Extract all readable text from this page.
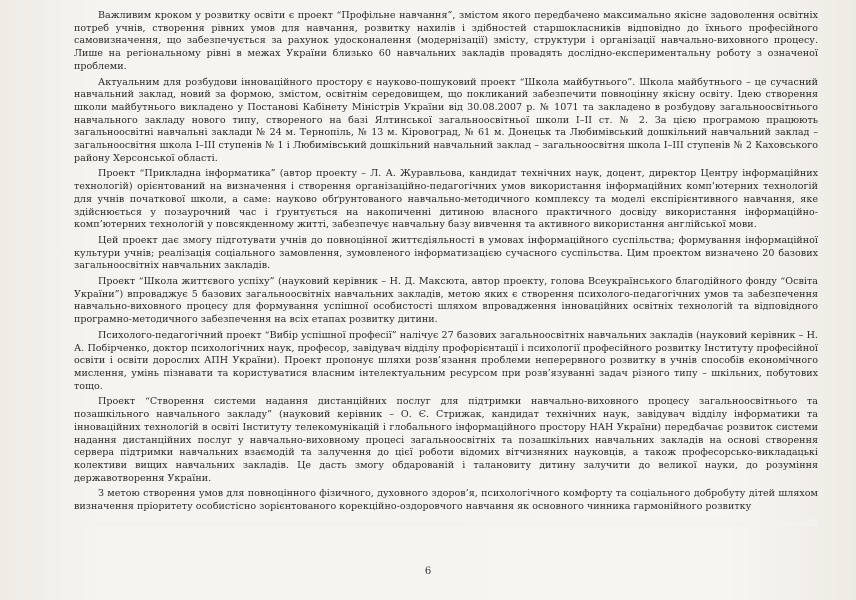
Важливим кроком у розвитку освіти є проект “Профільне навчання”, змістом якого передбачено максимально якісне задоволення освітніх потреб учнів, створення рівних умов для навчання, розвитку нахилів і здібностей старшокласників відповідно до їхнього професійного самовизначення, що забезпечується за рахунок удосконалення (модернізації) змісту, структури і організації навчально-виховного процесу. Лише на регіональному рівні в межах України близько 60 навчальних закладів провадять дослідно-експериментальну роботу з означеної проблеми.

Актуальним для розбудови інноваційного простору є науково-пошуковий проект “Школа майбутнього”. Школа майбутнього – це сучасний навчальний заклад, новий за формою, змістом, освітнім середовищем, що покликаний забезпечити повноцінну якісну освіту. Ідею створення школи майбутнього викладено у Постанові Кабінету Міністрів України від 30.08.2007 р. № 1071 та закладено в розбудову загальноосвітнього навчального закладу нового типу, створеного на базі Ялтинської загальноосвітньої школи І–ІІ ст. № 2. За цією програмою працюють загальноосвітні навчальні заклади № 24 м. Тернопіль, № 13 м. Кіровоград, № 61 м. Донецьк та Любимівський дошкільний навчальний заклад – загальноосвітня школа І–ІІІ ступенів № 1 і Любимівський дошкільний навчальний заклад – загальноосвітня школа І–ІІІ ступенів № 2 Каховського району Херсонської області.

Проект “Прикладна інформатика” (автор проекту – Л. А. Журавльова, кандидат технічних наук, доцент, директор Центру інформаційних технологій) орієнтований на визначення і створення організаційно-педагогічних умов використання інформаційних комп’ютерних технологій для учнів початкової школи, а саме: науково обґрунтованого навчально-методичного комплексу та моделі експірієнтивного навчання, яке здійснюється у позаурочний час і ґрунтується на накопиченні дитиною власного практичного досвіду використання інформаційно-комп’ютерних технологій у повсякденному житті, забезпечує навчальну базу вивчення та активного використання англійської мови.

Цей проект дає змогу підготувати учнів до повноцінної життєдіяльності в умовах інформаційного суспільства; формування інформаційної культури учнів; реалізація соціального замовлення, зумовленого інформатизацією сучасного суспільства. Цим проектом визначено 20 базових загальноосвітніх навчальних закладів.

Проект “Школа життєвого успіху” (науковий керівник – Н. Д. Максюта, автор проекту, голова Всеукраїнського благодійного фонду “Освіта України”) впроваджує 5 базових загальноосвітніх навчальних закладів, метою яких є створення психолого-педагогічних умов та забезпечення навчально-виховного процесу для формування успішної особистості шляхом впровадження інноваційних освітніх технологій та відповідного програмно-методичного забезпечення на всіх етапах розвитку дитини.

Психолого-педагогічний проект “Вибір успішної професії” налічує 27 базових загальноосвітніх навчальних закладів (науковий керівник – Н. А. Побірченко, доктор психологічних наук, професор, завідувач відділу профорієнтації і психології професійного розвитку Інституту професійної освіти і освіти дорослих АПН України). Проект пропонує шляхи розв’язання проблеми неперервного розвитку в учнів способів економічного мислення, умінь пізнавати та користуватися власним інтелектуальним ресурсом при розв’язуванні задач різного типу – шкільних, побутових тощо.

Проект “Створення системи надання дистанційних послуг для підтримки навчально-виховного процесу загальноосвітнього та позашкільного навчального закладу” (науковий керівник – О. Є. Стрижак, кандидат технічних наук, завідувач відділу інформатики та інноваційних технологій в освіті Інституту телекомунікацій і глобального інформаційного простору НАН України) передбачає розвиток системи надання дистанційних послуг у навчально-виховному процесі загальноосвітніх та позашкільних навчальних закладів на основі створення сервера підтримки навчальних взаємодій та залучення до цієї роботи відомих вітчизняних науковців, а також професорсько-викладацькі колективи вищих навчальних закладів. Це дасть змогу обдарованій і талановиту дитину залучити до великої науки, до розуміння державотворення України.

З метою створення умов для повноцінного фізичного, духовного здоров’я, психологічного комфорту та соціального добробуту дітей шляхом визначення пріоритету особистісно зорієнтованого корекційно-оздоровчого навчання як основного чинника гармонійного розвитку

6
